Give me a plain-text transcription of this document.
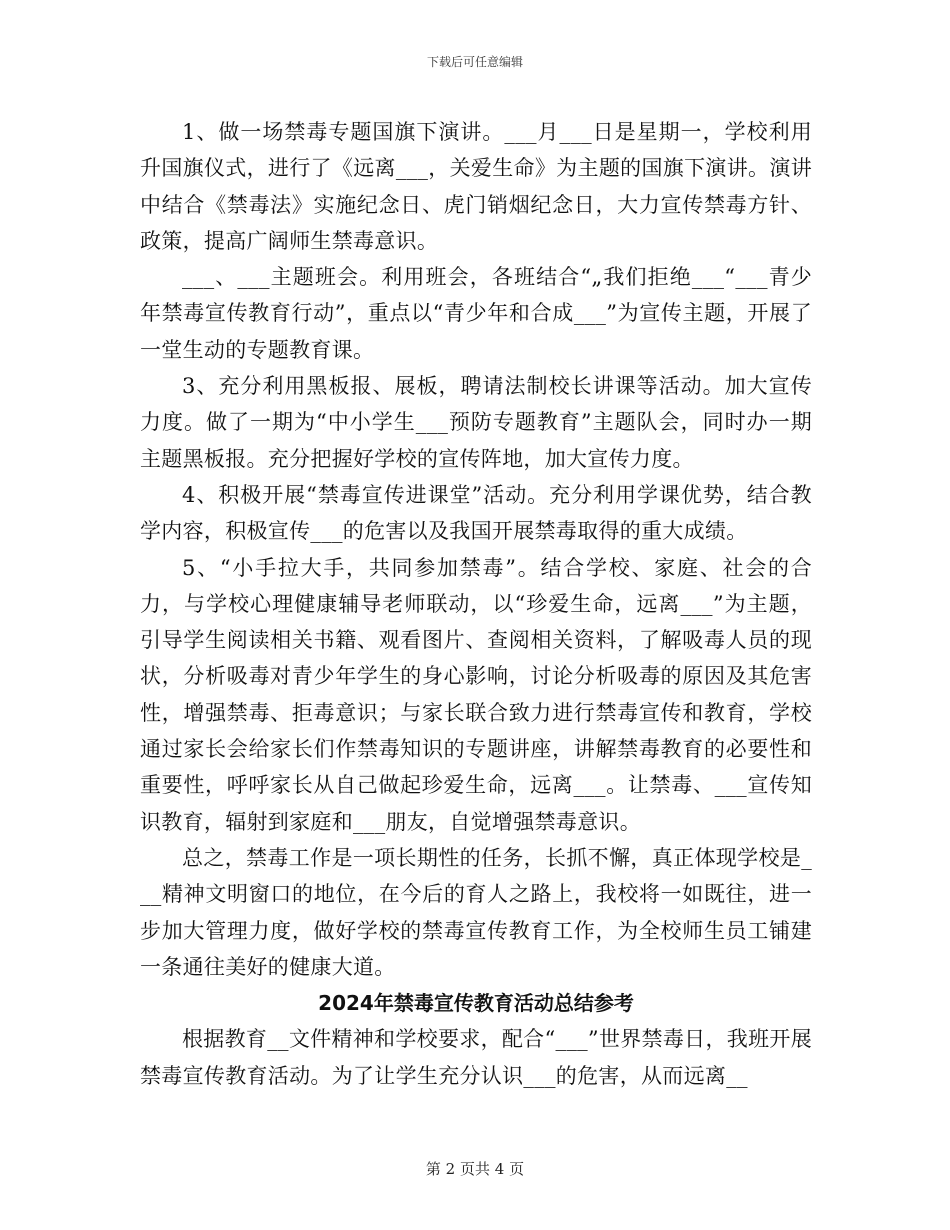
下载后可任意编辑

1、做一场禁毒专题国旗下演讲。___月___日是星期一，学校利用升国旗仪式，进行了《远离___，关爱生命》为主题的国旗下演讲。演讲中结合《禁毒法》实施纪念日、虎门销烟纪念日，大力宣传禁毒方针、政策，提高广阔师生禁毒意识。

___、___主题班会。利用班会，各班结合“„我们拒绝___“___青少年禁毒宣传教育行动”，重点以“青少年和合成___”为宣传主题，开展了一堂生动的专题教育课。

3、充分利用黑板报、展板，聘请法制校长讲课等活动。加大宣传力度。做了一期为“中小学生___预防专题教育”主题队会，同时办一期主题黑板报。充分把握好学校的宣传阵地，加大宣传力度。

4、积极开展“禁毒宣传进课堂”活动。充分利用学课优势，结合教学内容，积极宣传___的危害以及我国开展禁毒取得的重大成绩。

5、“小手拉大手，共同参加禁毒”。结合学校、家庭、社会的合力，与学校心理健康辅导老师联动，以“珍爱生命，远离___”为主题，引导学生阅读相关书籍、观看图片、查阅相关资料，了解吸毒人员的现状，分析吸毒对青少年学生的身心影响，讨论分析吸毒的原因及其危害性，增强禁毒、拒毒意识；与家长联合致力进行禁毒宣传和教育，学校通过家长会给家长们作禁毒知识的专题讲座，讲解禁毒教育的必要性和重要性，呼呼家长从自己做起珍爱生命，远离___。让禁毒、___宣传知识教育，辐射到家庭和___朋友，自觉增强禁毒意识。

总之，禁毒工作是一项长期性的任务，长抓不懈，真正体现学校是___精神文明窗口的地位，在今后的育人之路上，我校将一如既往，进一步加大管理力度，做好学校的禁毒宣传教育工作，为全校师生员工铺建一条通往美好的健康大道。

2024年禁毒宣传教育活动总结参考

根据教育__文件精神和学校要求，配合“___”世界禁毒日，我班开展禁毒宣传教育活动。为了让学生充分认识___的危害，从而远离__

第 2 页共 4 页
